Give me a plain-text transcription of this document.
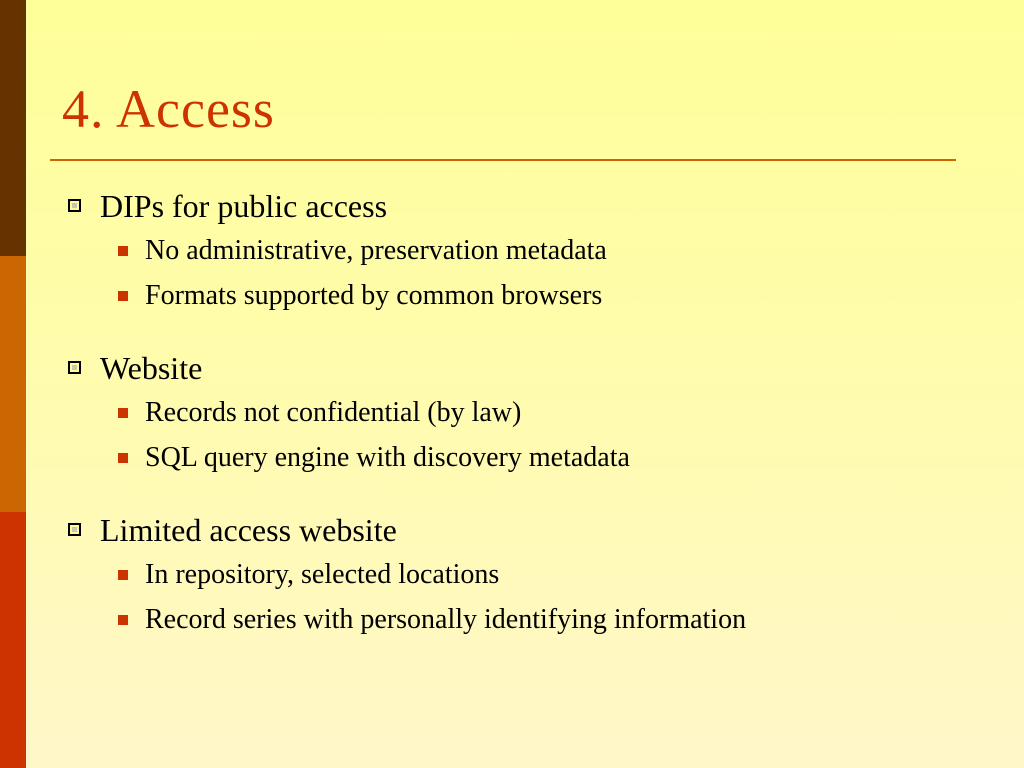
4. Access
DIPs for public access
No administrative, preservation metadata
Formats supported by common browsers
Website
Records not confidential (by law)
SQL query engine with discovery metadata
Limited access website
In repository, selected locations
Record series with personally identifying information
